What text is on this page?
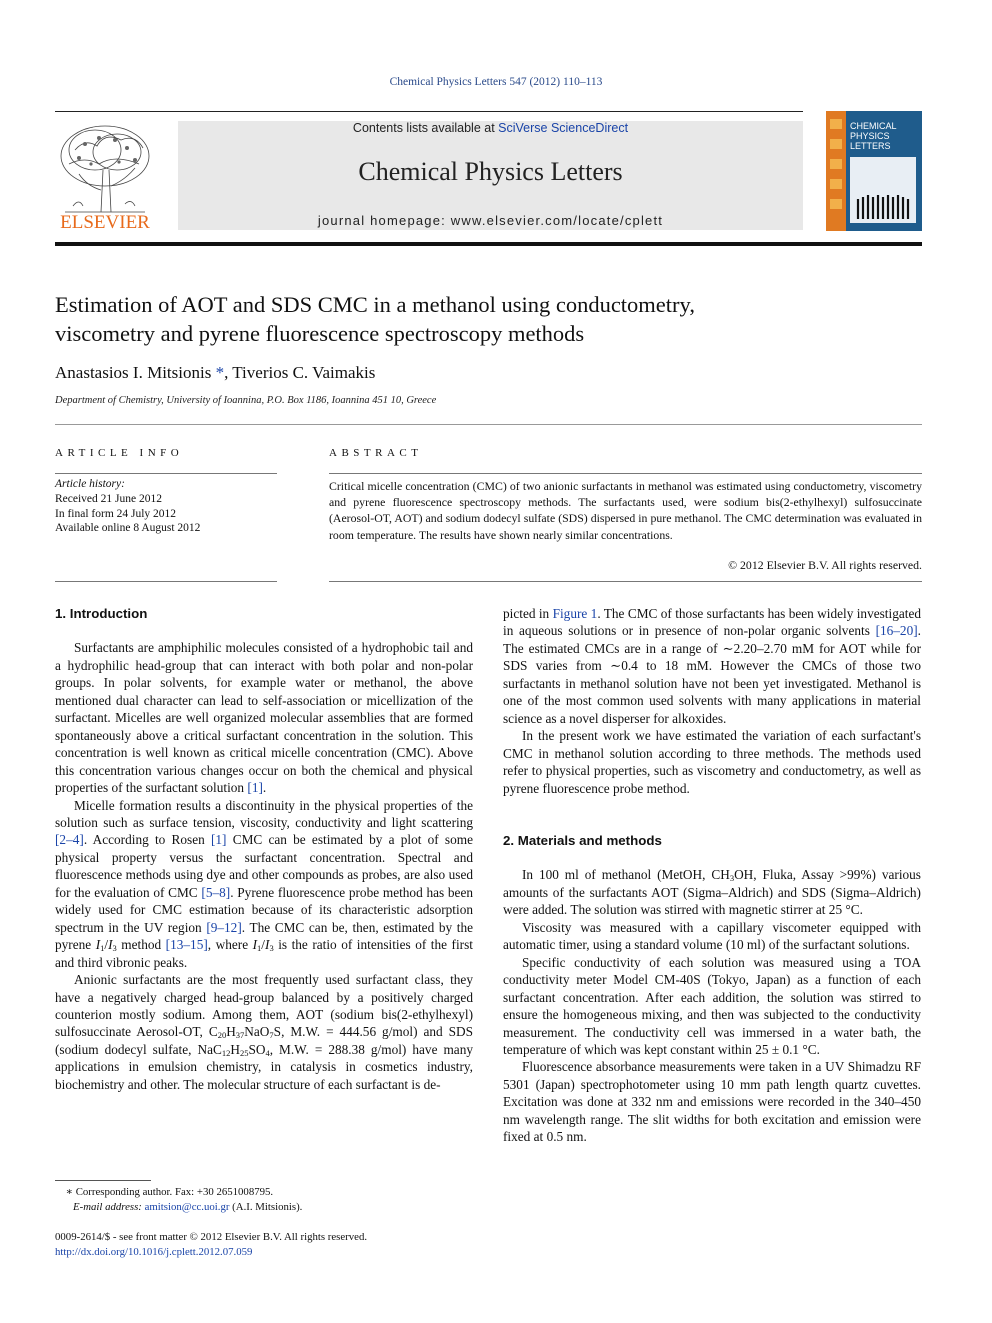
Chemical Physics Letters 547 (2012) 110–113
ELSEVIER
Contents lists available at SciVerse ScienceDirect
Chemical Physics Letters
journal homepage: www.elsevier.com/locate/cplett
CHEMICAL PHYSICS LETTERS
Estimation of AOT and SDS CMC in a methanol using conductometry,
viscometry and pyrene fluorescence spectroscopy methods
Anastasios I. Mitsionis *, Tiverios C. Vaimakis
Department of Chemistry, University of Ioannina, P.O. Box 1186, Ioannina 451 10, Greece
ARTICLE INFO
Article history:
Received 21 June 2012
In final form 24 July 2012
Available online 8 August 2012
ABSTRACT
Critical micelle concentration (CMC) of two anionic surfactants in methanol was estimated using conductometry, viscometry and pyrene fluorescence spectroscopy methods. The surfactants used, were sodium bis(2-ethylhexyl) sulfosuccinate (Aerosol-OT, AOT) and sodium dodecyl sulfate (SDS) dispersed in pure methanol. The CMC determination was evaluated in room temperature. The results have shown nearly similar concentrations.
© 2012 Elsevier B.V. All rights reserved.
1. Introduction

Surfactants are amphiphilic molecules consisted of a hydrophobic tail and a hydrophilic head-group that can interact with both polar and non-polar groups. In polar solvents, for example water or methanol, the above mentioned dual character can lead to self-association or micellization of the surfactant. Micelles are well organized molecular assemblies that are formed spontaneously above a critical surfactant concentration in the solution. This concentration is well known as critical micelle concentration (CMC). Above this concentration various changes occur on both the chemical and physical properties of the surfactant solution [1].

Micelle formation results a discontinuity in the physical properties of the solution such as surface tension, viscosity, conductivity and light scattering [2–4]. According to Rosen [1] CMC can be estimated by a plot of some physical property versus the surfactant concentration. Spectral and fluorescence methods using dye and other compounds as probes, are also used for the evaluation of CMC [5–8]. Pyrene fluorescence probe method has been widely used for CMC estimation because of its characteristic adsorption spectrum in the UV region [9–12]. The CMC can be, then, estimated by the pyrene $I_1/I_3$ method [13–15], where $I_1/I_3$ is the ratio of intensities of the first and third vibronic peaks.

Anionic surfactants are the most frequently used surfactant class, they have a negatively charged head-group balanced by a positively charged counterion mostly sodium. Among them, AOT (sodium bis(2-ethylhexyl) sulfosuccinate Aerosol-OT, $C_{20}H_{37}NaO_7S$, M.W. = 444.56 g/mol) and SDS (sodium dodecyl sulfate, $NaC_{12}H_{25}SO_4$, M.W. = 288.38 g/mol) have many applications in emulsion chemistry, in catalysis in cosmetics industry, biochemistry and other. The molecular structure of each surfactant is de-

∗ Corresponding author. Fax: +30 2651008795.
E-mail address: amitsion@cc.uoi.gr (A.I. Mitsionis).
0009-2614/$ - see front matter © 2012 Elsevier B.V. All rights reserved.
http://dx.doi.org/10.1016/j.cplett.2012.07.059

picted in Figure 1. The CMC of those surfactants has been widely investigated in aqueous solutions or in presence of non-polar organic solvents [16–20]. The estimated CMCs are in a range of ∼2.20–2.70 mM for AOT while for SDS varies from ∼0.4 to 18 mM. However the CMCs of those two surfactants in methanol solution have not been yet investigated. Methanol is one of the most common used solvents with many applications in material science as a novel disperser for alkoxides.

In the present work we have estimated the variation of each surfactant's CMC in methanol solution according to three methods. The methods used refer to physical properties, such as viscometry and conductometry, as well as pyrene fluorescence probe method.

2. Materials and methods

In 100 ml of methanol (MetOH, $CH_3OH$, Fluka, Assay >99%) various amounts of the surfactants AOT (Sigma–Aldrich) and SDS (Sigma–Aldrich) were added. The solution was stirred with magnetic stirrer at 25 °C.

Viscosity was measured with a capillary viscometer equipped with automatic timer, using a standard volume (10 ml) of the surfactant solutions.

Specific conductivity of each solution was measured using a TOA conductivity meter Model CM-40S (Tokyo, Japan) as a function of each surfactant concentration. After each addition, the solution was stirred to ensure the homogeneous mixing, and then was subjected to the conductivity measurement. The conductivity cell was immersed in a water bath, the temperature of which was kept constant within 25 ± 0.1 °C.

Fluorescence absorbance measurements were taken in a UV Shimadzu RF 5301 (Japan) spectrophotometer using 10 mm path length quartz cuvettes. Excitation was done at 332 nm and emissions were recorded in the 340–450 nm wavelength range. The slit widths for both excitation and emission were fixed at 0.5 nm.
